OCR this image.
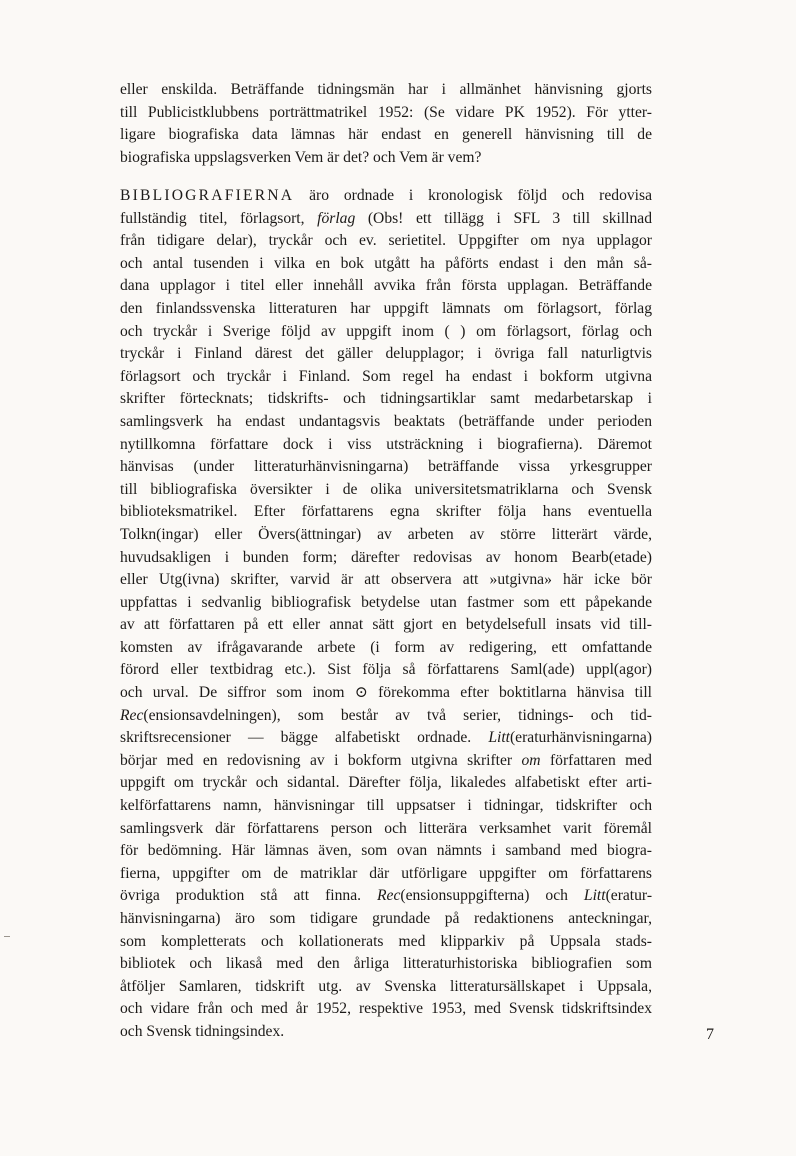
eller enskilda. Beträffande tidningsmän har i allmänhet hänvisning gjorts
till Publicistklubbens porträttmatrikel 1952: (Se vidare PK 1952). För ytter-
ligare biografiska data lämnas här endast en generell hänvisning till de
biografiska uppslagsverken Vem är det? och Vem är vem?
BIBLIOGRAFIERNA äro ordnade i kronologisk följd och redovisa
fullständig titel, förlagsort, förlag (Obs! ett tillägg i SFL 3 till skillnad
från tidigare delar), tryckår och ev. serietitel. Uppgifter om nya upplagor
och antal tusenden i vilka en bok utgått ha påförts endast i den mån så-
dana upplagor i titel eller innehåll avvika från första upplagan. Beträffande
den finlandssvenska litteraturen har uppgift lämnats om förlagsort, förlag
och tryckår i Sverige följd av uppgift inom ( ) om förlagsort, förlag och
tryckår i Finland därest det gäller delupplagor; i övriga fall naturligtvis
förlagsort och tryckår i Finland. Som regel ha endast i bokform utgivna
skrifter förtecknats; tidskrifts- och tidningsartiklar samt medarbetarskap i
samlingsverk ha endast undantagsvis beaktats (beträffande under perioden
nytillkomna författare dock i viss utsträckning i biografierna). Däremot
hänvisas (under litteraturhänvisningarna) beträffande vissa yrkesgrupper
till bibliografiska översikter i de olika universitetsmatriklarna och Svensk
biblioteksmatrikel. Efter författarens egna skrifter följa hans eventuella
Tolkn(ingar) eller Övers(ättningar) av arbeten av större litterärt värde,
huvudsakligen i bunden form; därefter redovisas av honom Bearb(etade)
eller Utg(ivna) skrifter, varvid är att observera att »utgivna» här icke bör
uppfattas i sedvanlig bibliografisk betydelse utan fastmer som ett påpekande
av att författaren på ett eller annat sätt gjort en betydelsefull insats vid till-
komsten av ifrågavarande arbete (i form av redigering, ett omfattande
förord eller textbidrag etc.). Sist följa så författarens Saml(ade) uppl(agor)
och urval. De siffror som inom ⊙ förekomma efter boktitlarna hänvisa till
Rec(ensionsavdelningen), som består av två serier, tidnings- och tid-
skriftsrecensioner — bägge alfabetiskt ordnade. Litt(eraturhänvisningarna)
börjar med en redovisning av i bokform utgivna skrifter om författaren med
uppgift om tryckår och sidantal. Därefter följa, likaledes alfabetiskt efter arti-
kelförfattarens namn, hänvisningar till uppsatser i tidningar, tidskrifter och
samlingsverk där författarens person och litterära verksamhet varit föremål
för bedömning. Här lämnas även, som ovan nämnts i samband med biogra-
fierna, uppgifter om de matriklar där utförligare uppgifter om författarens
övriga produktion stå att finna. Rec(ensionsuppgifterna) och Litt(eratur-
hänvisningarna) äro som tidigare grundade på redaktionens anteckningar,
som kompletterats och kollationerats med klipparkiv på Uppsala stads-
bibliotek och likaså med den årliga litteraturhistoriska bibliografien som
åtföljer Samlaren, tidskrift utg. av Svenska litteratursällskapet i Uppsala,
och vidare från och med år 1952, respektive 1953, med Svensk tidskriftsindex
och Svensk tidningsindex.	7
